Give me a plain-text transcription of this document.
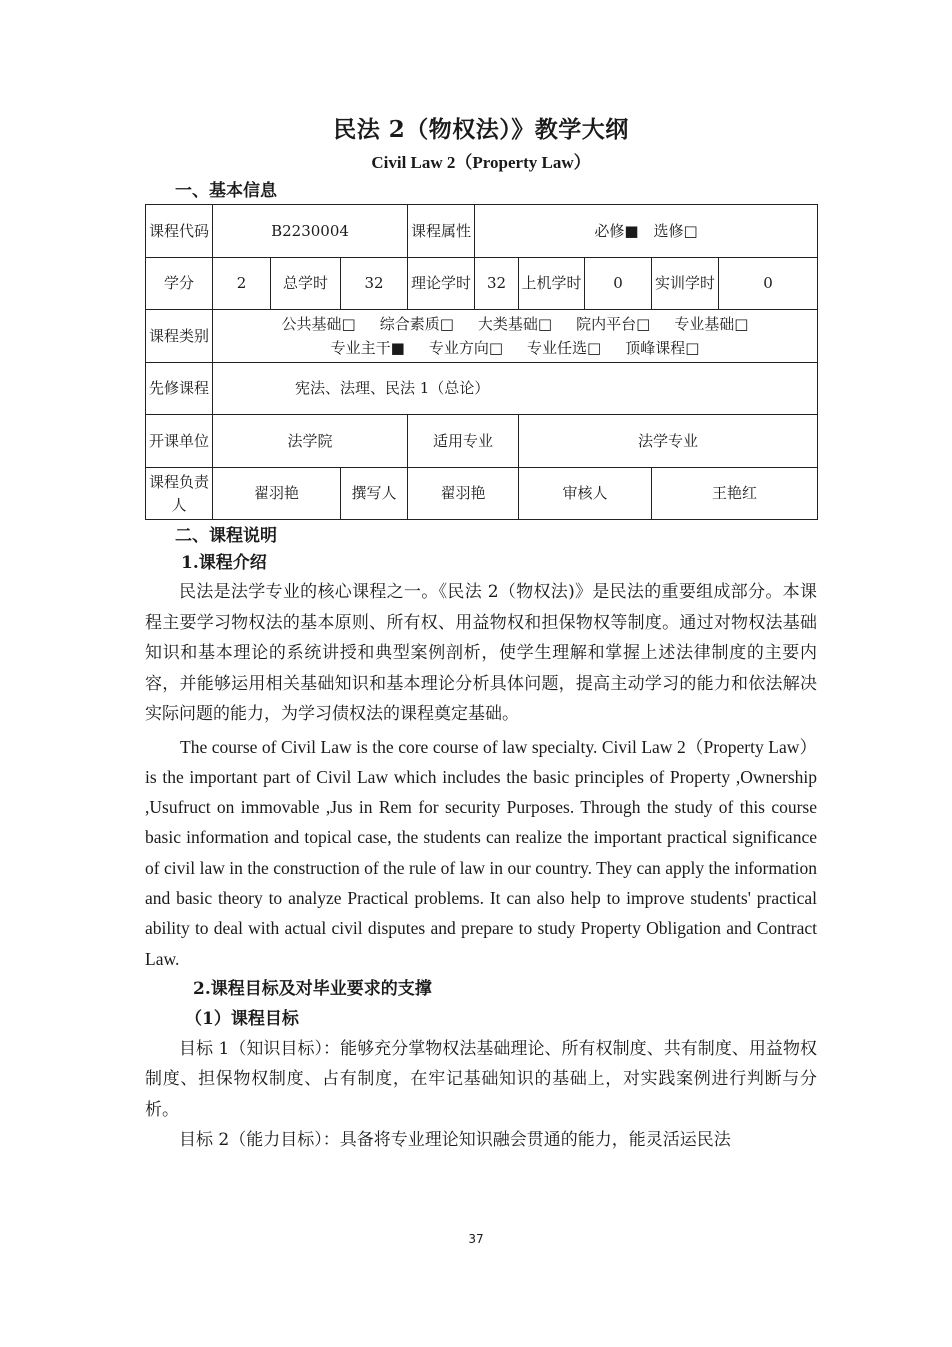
民法 2（物权法）》教学大纲
Civil Law 2（Property Law）
一、基本信息
课程代码	B2230004			课程属性	必修■　选修□				
学分	2	总学时	32	理论学时	32	上机学时	0	实训学时	0
课程类别	公共基础□ 综合素质□ 大类基础□ 院内平台□ 专业基础□
专业主干■ 专业方向□ 专业任选□ 顶峰课程□								

先修课程	宪法、法理、民法 1（总论）								
开课单位	法学院			适用专业		法学专业			
课程负责人	翟羽艳		撰写人	翟羽艳		审核人		王艳红	
二、课程说明
1.课程介绍

民法是法学专业的核心课程之一。《民法 2（物权法)》是民法的重要组成部分。本课程主要学习物权法的基本原则、所有权、用益物权和担保物权等制度。通过对物权法基础知识和基本理论的系统讲授和典型案例剖析，使学生理解和掌握上述法律制度的主要内容，并能够运用相关基础知识和基本理论分析具体问题，提高主动学习的能力和依法解决实际问题的能力，为学习债权法的课程奠定基础。

The course of Civil Law is the core course of law specialty. Civil Law 2（Property Law）is the important part of Civil Law which includes the basic principles of Property ,Ownership ,Usufruct on immovable ,Jus in Rem for security Purposes. Through the study of this course basic information and topical case, the students can realize the important practical significance of civil law in the construction of the rule of law in our country. They can apply the information and basic theory to analyze Practical problems. It can also help to improve students' practical ability to deal with actual civil disputes and prepare to study Property Obligation and Contract Law.

2.课程目标及对毕业要求的支撑
（1）课程目标

目标 1（知识目标）：能够充分掌物权法基础理论、所有权制度、共有制度、用益物权制度、担保物权制度、占有制度，在牢记基础知识的基础上，对实践案例进行判断与分析。

目标 2（能力目标）：具备将专业理论知识融会贯通的能力，能灵活运民法

37
